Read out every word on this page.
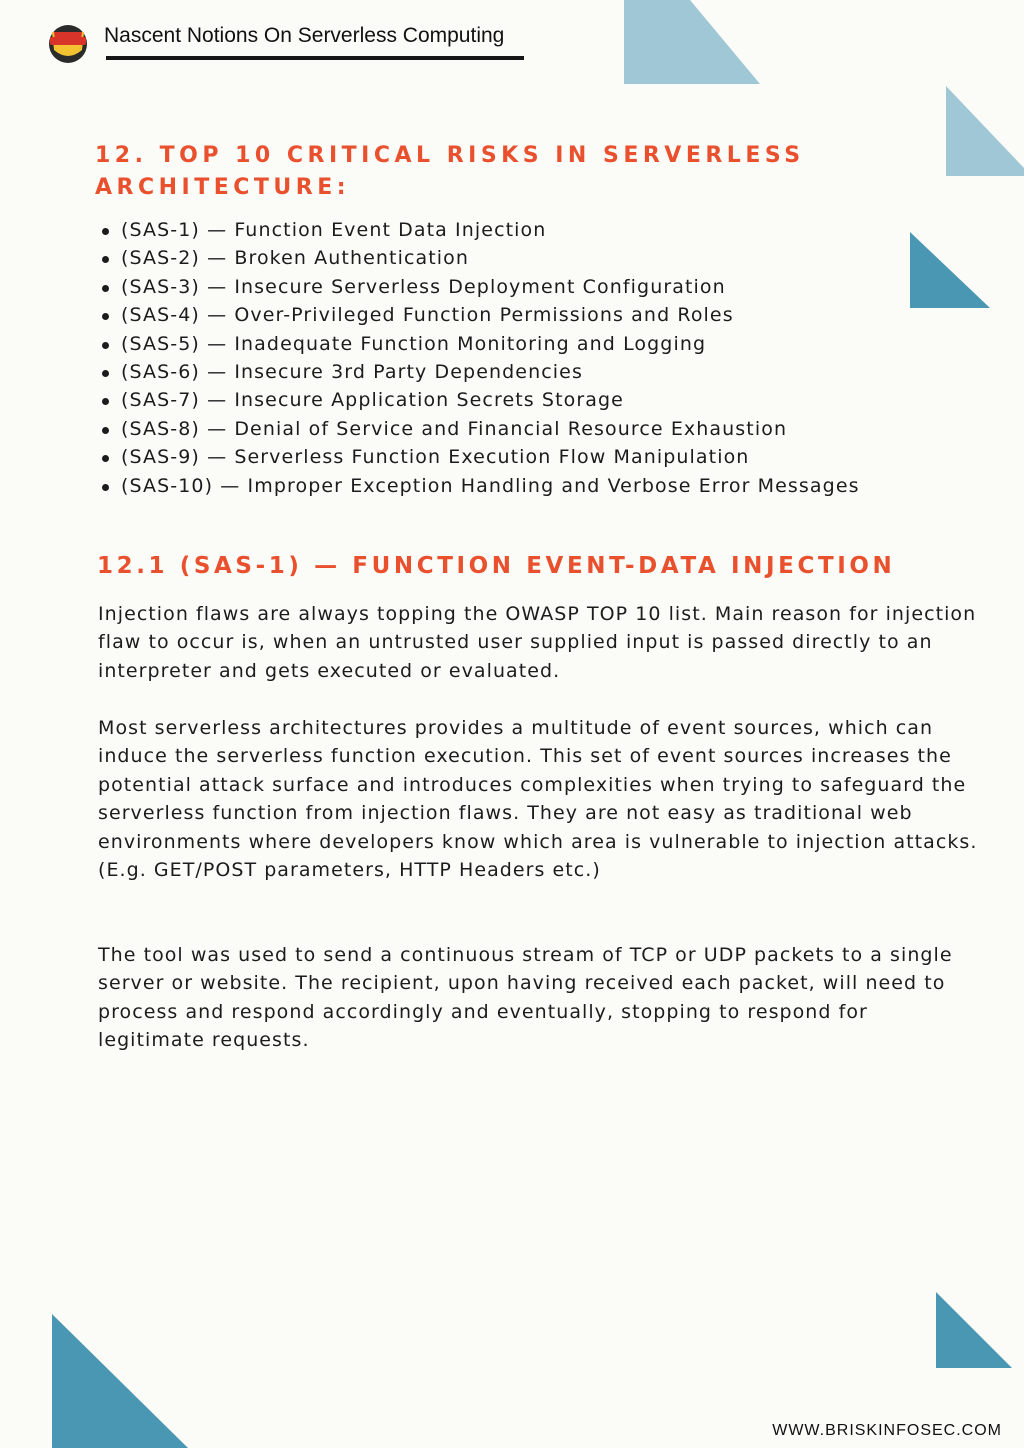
Nascent Notions On Serverless Computing
12. TOP 10 CRITICAL RISKS IN SERVERLESS ARCHITECTURE:
(SAS-1) — Function Event Data Injection
(SAS-2) — Broken Authentication
(SAS-3) — Insecure Serverless Deployment Configuration
(SAS-4) — Over-Privileged Function Permissions and Roles
(SAS-5) — Inadequate Function Monitoring and Logging
(SAS-6) — Insecure 3rd Party Dependencies
(SAS-7) — Insecure Application Secrets Storage
(SAS-8) — Denial of Service and Financial Resource Exhaustion
(SAS-9) — Serverless Function Execution Flow Manipulation
(SAS-10) — Improper Exception Handling and Verbose Error Messages
12.1 (SAS-1) — FUNCTION EVENT-DATA INJECTION

Injection flaws are always topping the OWASP TOP 10 list. Main reason for injection flaw to occur is, when an untrusted user supplied input is passed directly to an interpreter and gets executed or evaluated.

Most serverless architectures provides a multitude of event sources, which can induce the serverless function execution. This set of event sources increases the potential attack surface and introduces complexities when trying to safeguard the serverless function from injection flaws. They are not easy as traditional web environments where developers know which area is vulnerable to injection attacks. (E.g. GET/POST parameters, HTTP Headers etc.)

The tool was used to send a continuous stream of TCP or UDP packets to a single server or website. The recipient, upon having received each packet, will need to process and respond accordingly and eventually, stopping to respond for legitimate requests.

WWW.BRISKINFOSEC.COM
